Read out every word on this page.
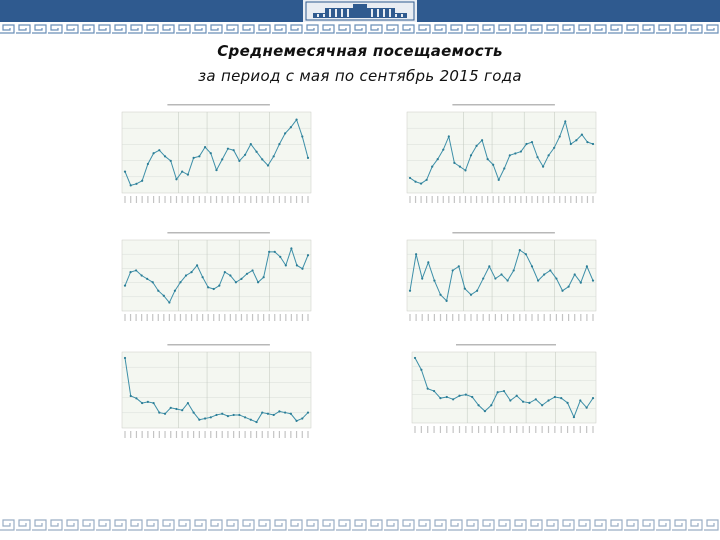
Среднемесячная посещаемость
за период с мая по сентябрь 2015 года
